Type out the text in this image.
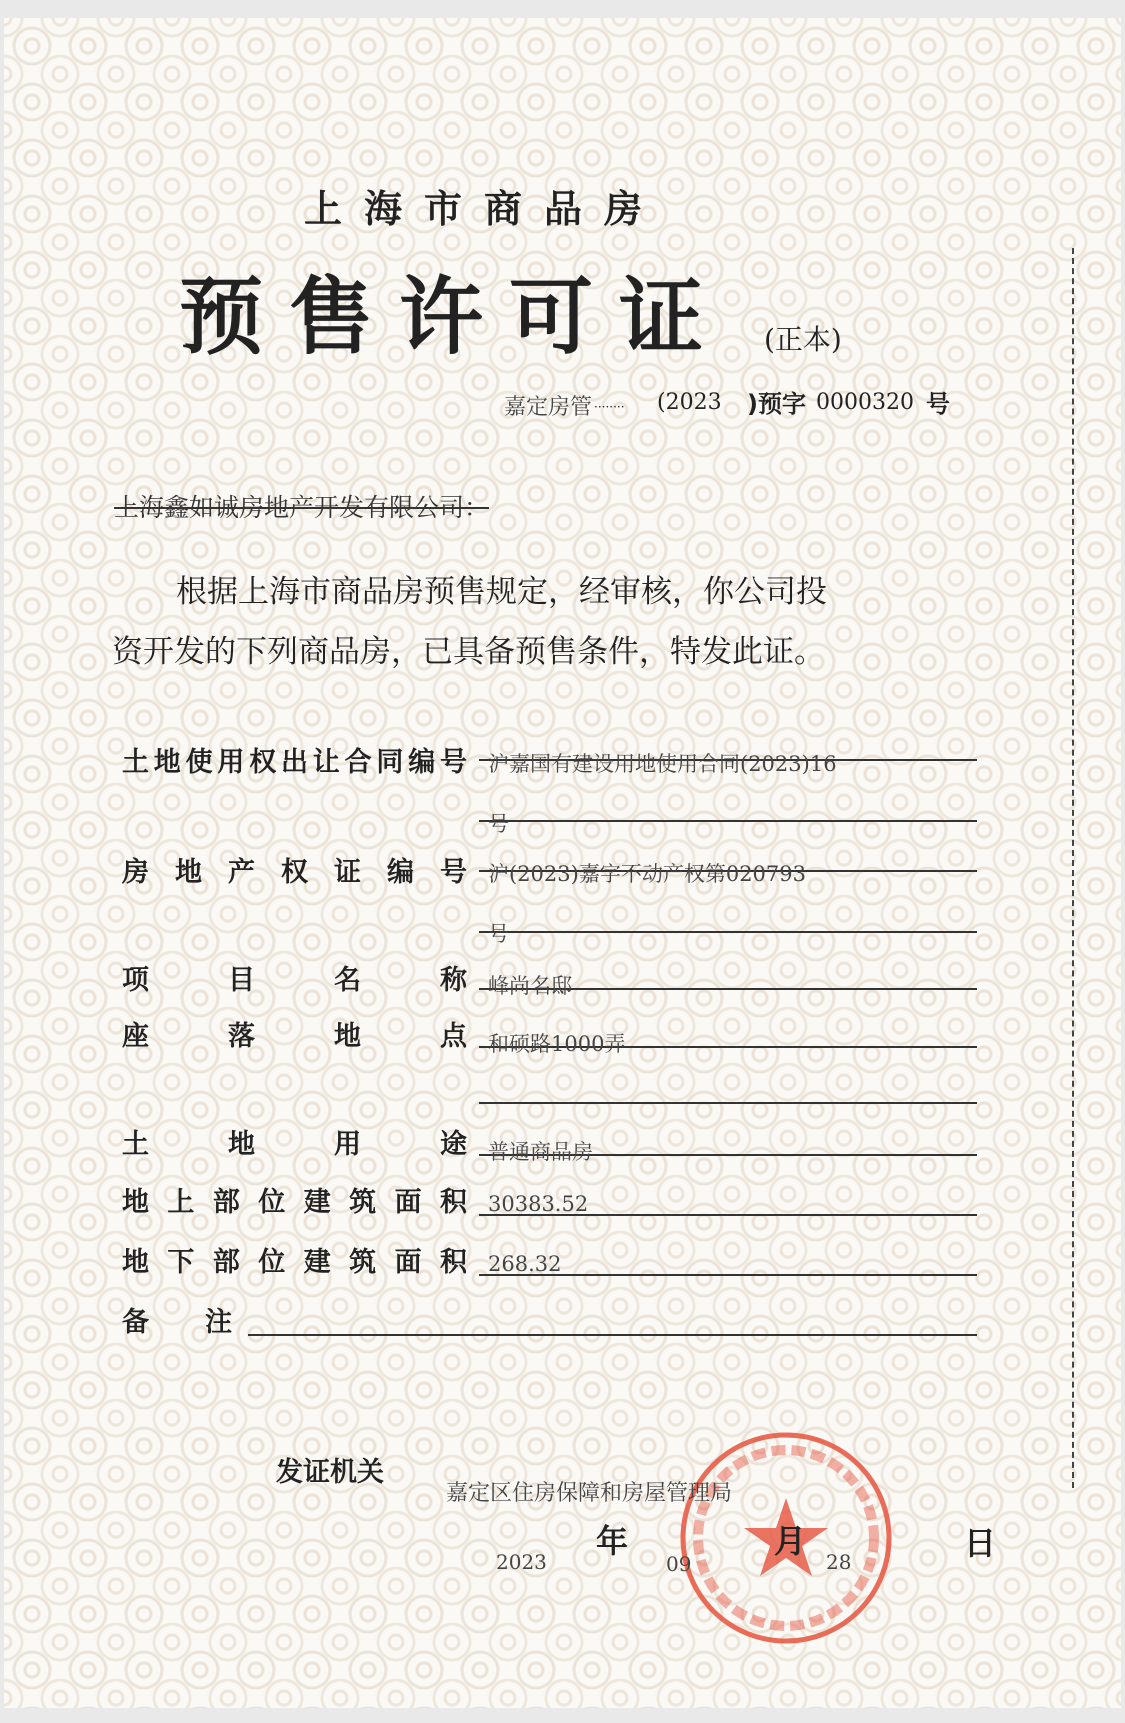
上海市商品房
预售许可证 (正本)
嘉定房管 ········ (2023 )预字 0000320 号
上海鑫如诚房地产开发有限公司：
根据上海市商品房预售规定，经审核，你公司投
资开发的下列商品房，已具备预售条件，特发此证。
土地使用权出让合同编号 沪嘉国有建设用地使用合同(2023)16
号
房地产权证编号 沪(2023)嘉字不动产权第020793
号
项目名称 峰尚名邸
座落地点 和硕路1000弄
土地用途 普通商品房
地上部位建筑面积 30383.52
地下部位建筑面积 268.32
备注
发证机关
嘉定区住房保障和房屋管理局
2023
年
09
月
28	日
